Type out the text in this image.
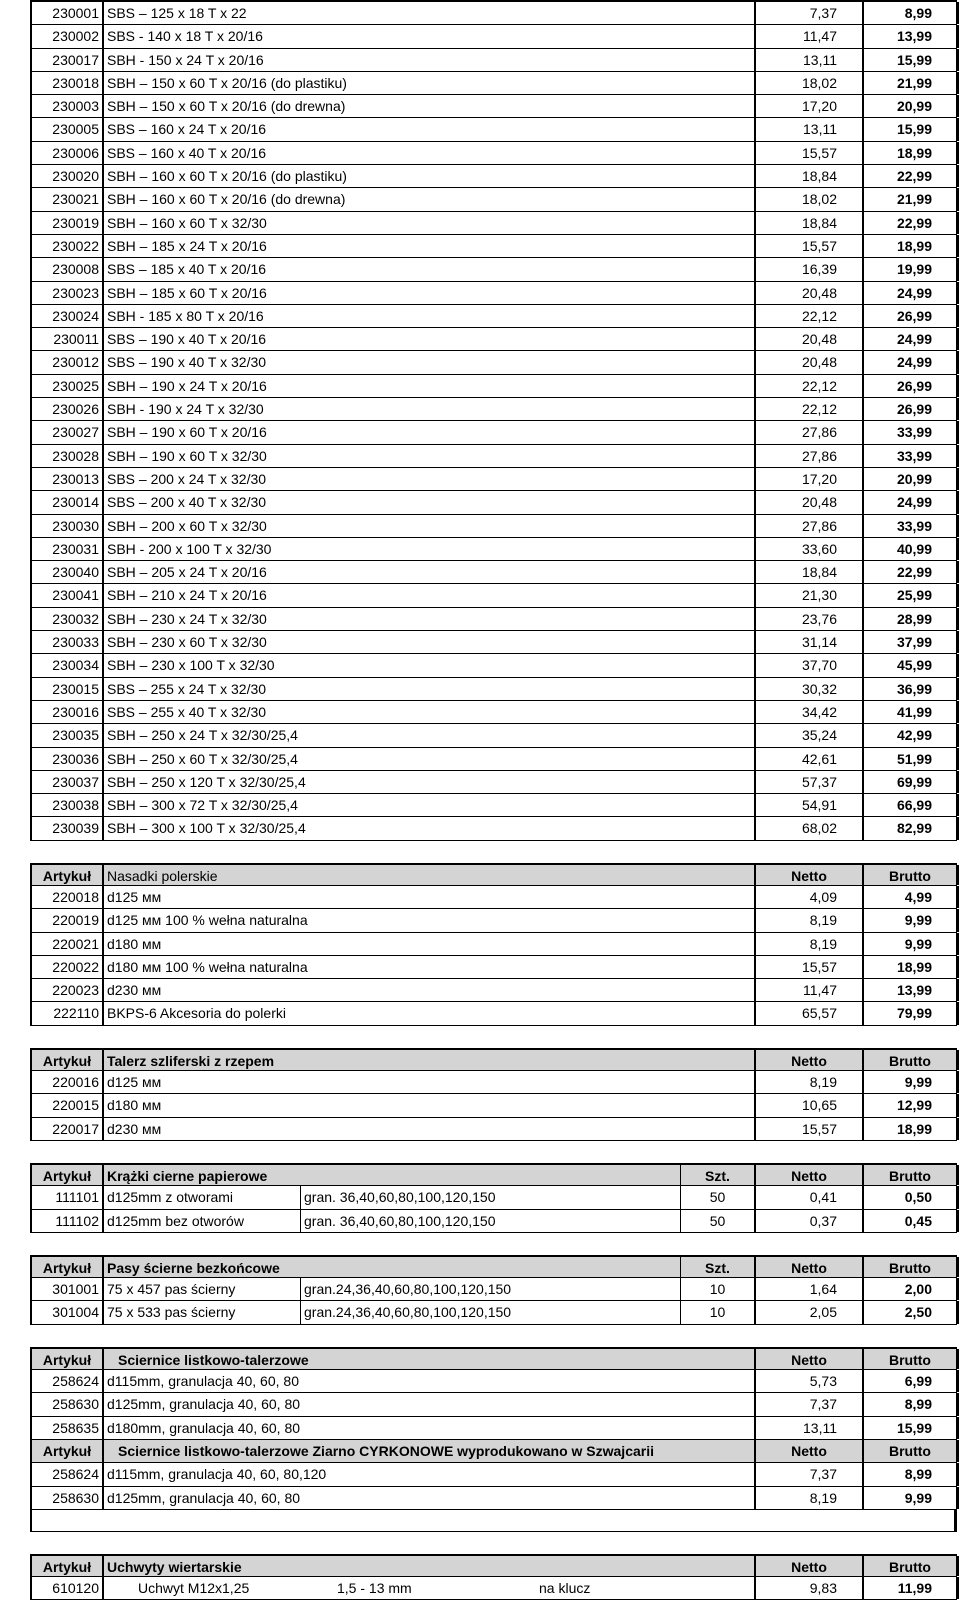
230001 SBS – 125 x 18 T x 22	7,37	8,99
230002 SBS - 140 x 18 T x 20/16	11,47	13,99
230017 SBH - 150 x 24 T x 20/16	13,11	15,99
230018 SBH – 150 x 60 T x 20/16 (do plastiku)	18,02	21,99
230003 SBH – 150 x 60 T x 20/16 (do drewna)	17,20	20,99
230005 SBS – 160 x 24 T x 20/16	13,11	15,99
230006 SBS – 160 x 40 T x 20/16	15,57	18,99
230020 SBH – 160 x 60 T x 20/16 (do plastiku)	18,84	22,99
230021 SBH – 160 x 60 T x 20/16 (do drewna)	18,02	21,99
230019 SBH – 160 x 60 T x 32/30	18,84	22,99
230022 SBH – 185 x 24 T x 20/16	15,57	18,99
230008 SBS – 185 x 40 T x 20/16	16,39	19,99
230023 SBH – 185 x 60 T x 20/16	20,48	24,99
230024 SBH - 185 x 80 T x 20/16	22,12	26,99
230011 SBS – 190 x 40 T x 20/16	20,48	24,99
230012 SBS – 190 x 40 T x 32/30	20,48	24,99
230025 SBH – 190 x 24 T x 20/16	22,12	26,99
230026 SBH - 190 x 24 T x 32/30	22,12	26,99
230027 SBH – 190 x 60 T x 20/16	27,86	33,99
230028 SBH – 190 x 60 T x 32/30	27,86	33,99
230013 SBS – 200 x 24 T x 32/30	17,20	20,99
230014 SBS – 200 x 40 T x 32/30	20,48	24,99
230030 SBH – 200 x 60 T x 32/30	27,86	33,99
230031 SBH - 200 x 100 T x 32/30	33,60	40,99
230040 SBH – 205 x 24 T x 20/16	18,84	22,99
230041 SBH – 210 x 24 T x 20/16	21,30	25,99
230032 SBH – 230 x 24 T x 32/30	23,76	28,99
230033 SBH – 230 x 60 T x 32/30	31,14	37,99
230034 SBH – 230 x 100 T x 32/30	37,70	45,99
230015 SBS – 255 x 24 T x 32/30	30,32	36,99
230016 SBS – 255 x 40 T x 32/30	34,42	41,99
230035 SBH – 250 x 24 T x 32/30/25,4	35,24	42,99
230036 SBH – 250 x 60 T x 32/30/25,4	42,61	51,99
230037 SBH – 250 x 120 T x 32/30/25,4	57,37	69,99
230038 SBH – 300 x 72 T x 32/30/25,4	54,91	66,99
230039 SBH – 300 x 100 T x 32/30/25,4	68,02	82,99
Artykuł	Nasadki polerskie	Netto	Brutto
220018 d125 мм	4,09	4,99
220019 d125 мм 100 % wełna naturalna	8,19	9,99
220021 d180 мм	8,19	9,99
220022 d180 мм 100 % wełna naturalna	15,57	18,99
220023 d230 мм	11,47	13,99
222110 BKPS-6 Akcesoria do polerki	65,57	79,99
Artykuł	Talerz szliferski z rzepem	Netto	Brutto
220016 d125 мм	8,19	9,99
220015 d180 мм	10,65	12,99
220017 d230 мм	15,57	18,99
Artykuł	Krążki cierne papierowe	Szt.	Netto	Brutto
111101 d125mm z otworami	gran. 36,40,60,80,100,120,150	50	0,41	0,50
111102 d125mm bez otworów	gran. 36,40,60,80,100,120,150	50	0,37	0,45
Artykuł	Pasy ścierne bezkońcowe	Szt.	Netto	Brutto
301001 75 x 457 pas ścierny	gran.24,36,40,60,80,100,120,150	10	1,64	2,00
301004 75 x 533 pas ścierny	gran.24,36,40,60,80,100,120,150	10	2,05	2,50
Artykuł	Sciernice listkowo-talerzowe	Netto	Brutto
258624 d115mm, granulacja 40, 60, 80	5,73	6,99
258630 d125mm, granulacja 40, 60, 80	7,37	8,99
258635 d180mm, granulacja 40, 60, 80	13,11	15,99
Artykuł	Sciernice listkowo-talerzowe Ziarno CYRKONOWE wyprodukowano w Szwajcarii	Netto	Brutto
258624 d115mm, granulacja 40, 60, 80,120	7,37	8,99
258630 d125mm, granulacja 40, 60, 80	8,19	9,99
Artykuł	Uchwyty wiertarskie	Netto	Brutto
610120	Uchwyt M12x1,25	1,5 - 13 mm	na klucz	9,83	11,99
